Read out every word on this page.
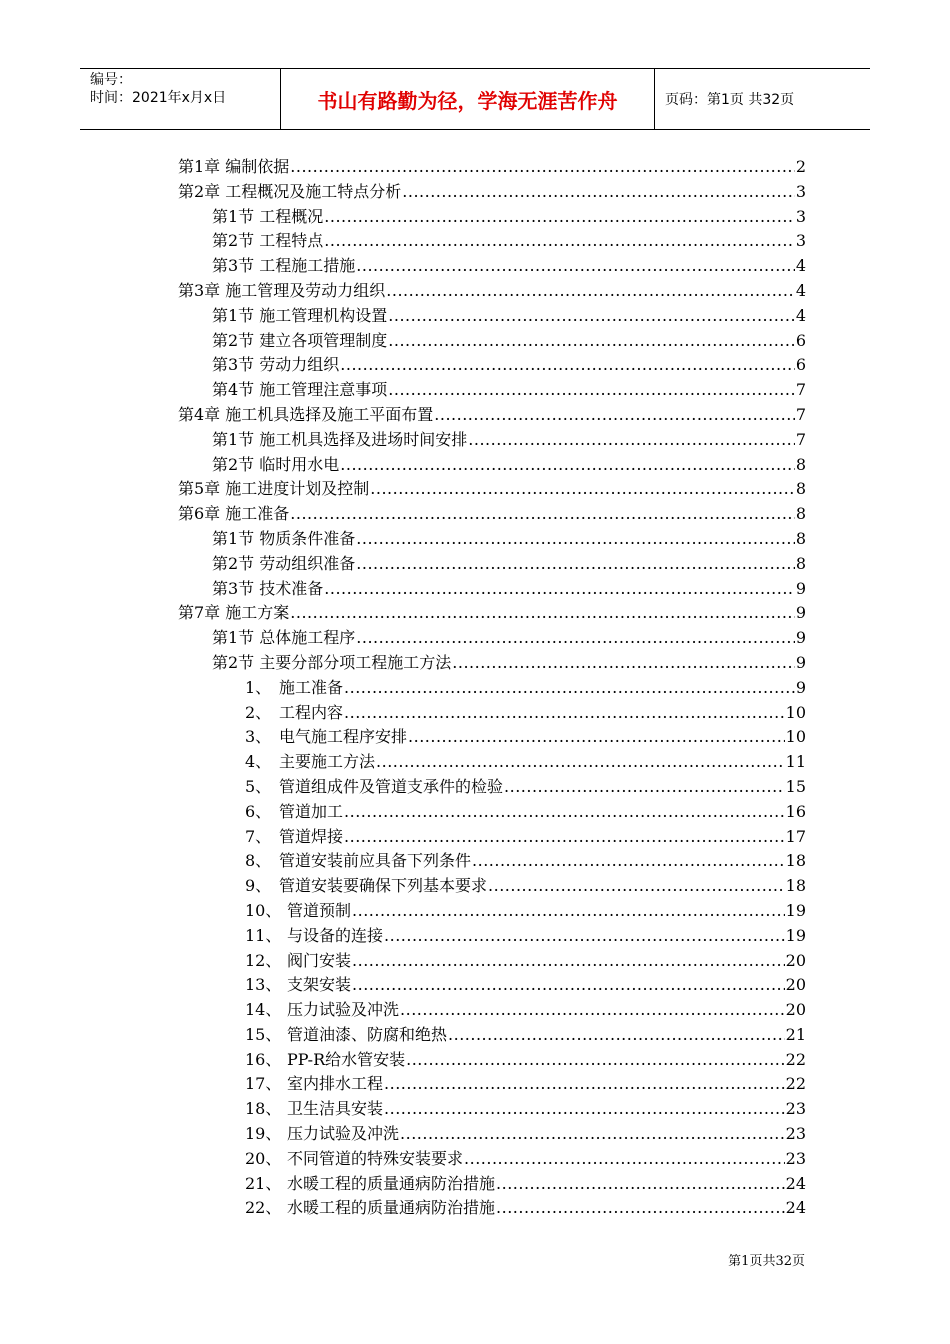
编号：
时间：2021年x月x日	书山有路勤为径，学海无涯苦作舟	页码：第1页 共32页
第1章 编制依据 .....	2
第2章 工程概况及施工特点分析 .....	3
第1节 工程概况 .....	3
第2节 工程特点 .....	3
第3节 工程施工措施 .....	4
第3章 施工管理及劳动力组织 .....	4
第1节 施工管理机构设置 .....	4
第2节 建立各项管理制度 .....	6
第3节 劳动力组织 .....	6
第4节 施工管理注意事项 .....	7
第4章 施工机具选择及施工平面布置 .....	7
第1节 施工机具选择及进场时间安排 .....	7
第2节 临时用水电 .....	8
第5章 施工进度计划及控制 .....	8
第6章 施工准备 .....	8
第1节 物质条件准备 .....	8
第2节 劳动组织准备 .....	8
第3节 技术准备 .....	9
第7章 施工方案 .....	9
第1节 总体施工程序 .....	9
第2节 主要分部分项工程施工方法 .....	9
1、 施工准备 .....	9
2、 工程内容 .....	10
3、 电气施工程序安排 .....	10
4、 主要施工方法 .....	11
5、 管道组成件及管道支承件的检验 .....	15
6、 管道加工 .....	16
7、 管道焊接 .....	17
8、 管道安装前应具备下列条件 .....	18
9、 管道安装要确保下列基本要求 .....	18
10、 管道预制 .....	19
11、 与设备的连接 .....	19
12、 阀门安装 .....	20
13、 支架安装 .....	20
14、 压力试验及冲洗 .....	20
15、 管道油漆、防腐和绝热 .....	21
16、 PP-R给水管安装 .....	22
17、 室内排水工程 .....	22
18、 卫生洁具安装 .....	23
19、 压力试验及冲洗 .....	23
20、 不同管道的特殊安装要求 .....	23
21、 水暖工程的质量通病防治措施 .....	24
22、 水暖工程的质量通病防治措施 .....	24
第1页共32页
